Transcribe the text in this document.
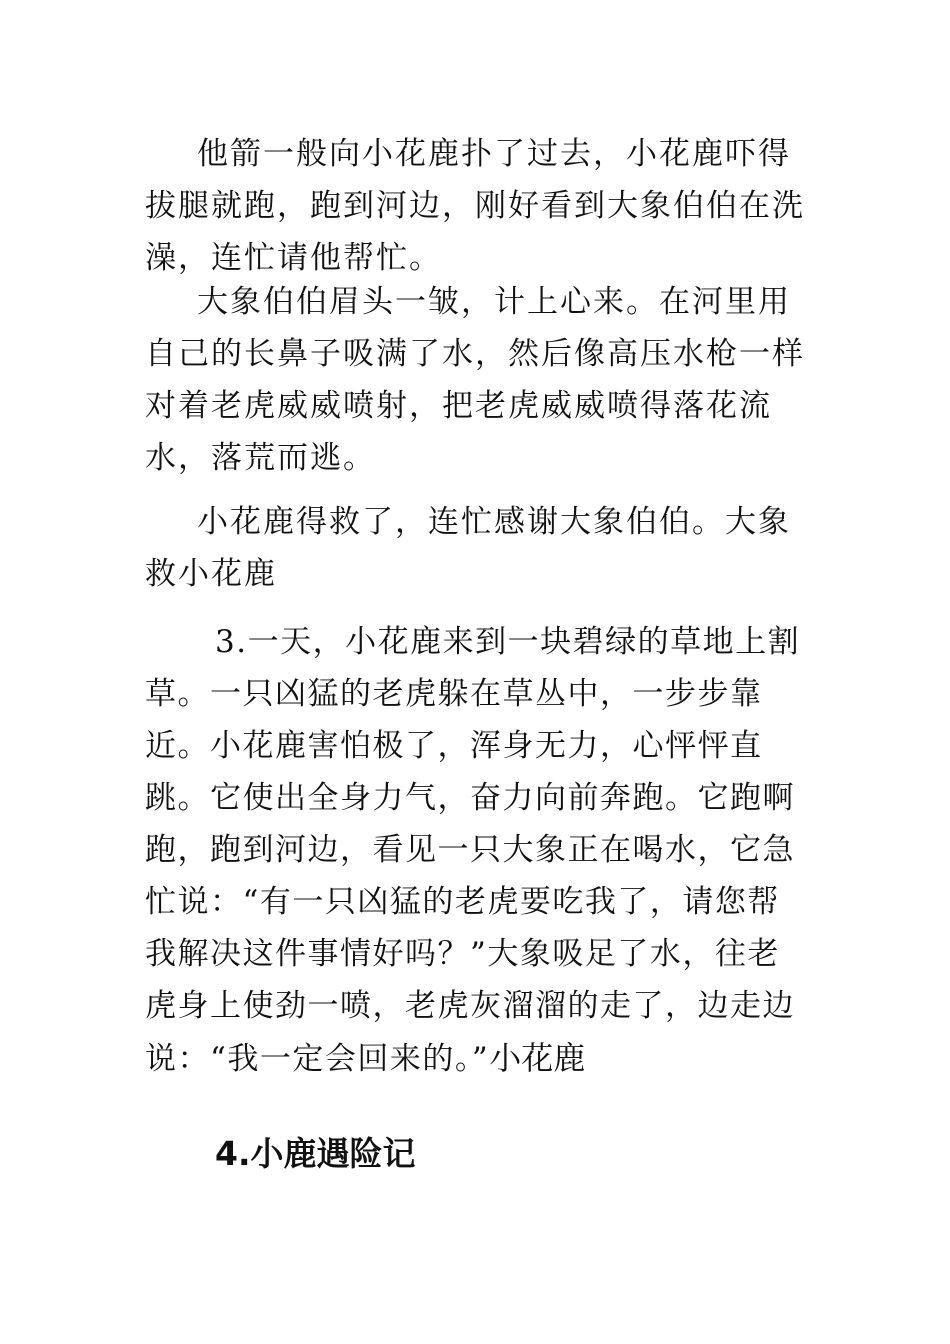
他箭一般向小花鹿扑了过去，小花鹿吓得拔腿就跑，跑到河边，刚好看到大象伯伯在洗澡，连忙请他帮忙。

大象伯伯眉头一皱，计上心来。在河里用自己的长鼻子吸满了水，然后像高压水枪一样对着老虎威威喷射，把老虎威威喷得落花流水，落荒而逃。

小花鹿得救了，连忙感谢大象伯伯。大象救小花鹿

3.一天，小花鹿来到一块碧绿的草地上割草。一只凶猛的老虎躲在草丛中，一步步靠近。小花鹿害怕极了，浑身无力，心怦怦直跳。它使出全身力气，奋力向前奔跑。它跑啊跑，跑到河边，看见一只大象正在喝水，它急忙说：“有一只凶猛的老虎要吃我了，请您帮我解决这件事情好吗？”大象吸足了水，往老虎身上使劲一喷，老虎灰溜溜的走了，边走边说：“我一定会回来的。”小花鹿

4.小鹿遇险记
